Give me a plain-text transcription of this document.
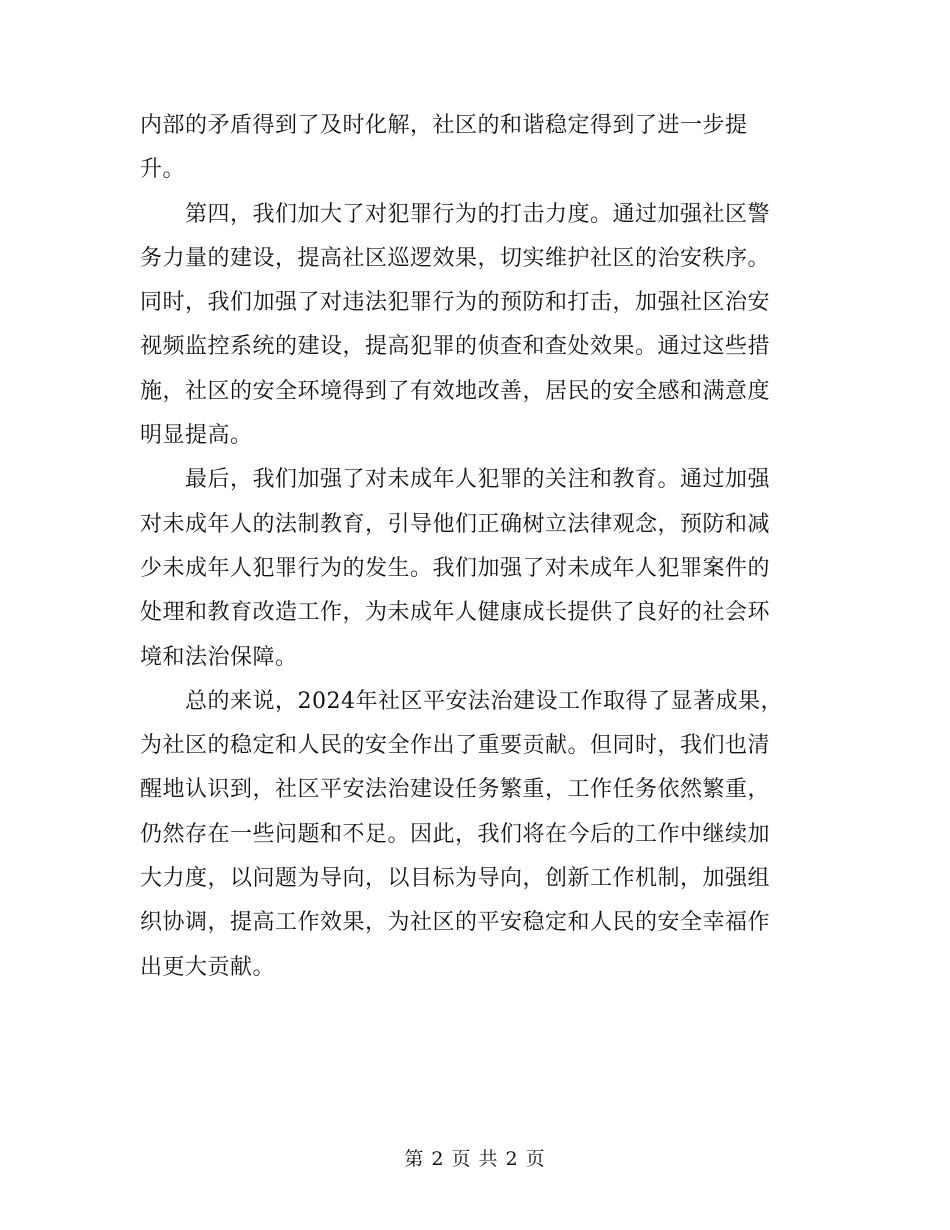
内部的矛盾得到了及时化解，社区的和谐稳定得到了进一步提
升。
　　第四，我们加大了对犯罪行为的打击力度。通过加强社区警
务力量的建设，提高社区巡逻效果，切实维护社区的治安秩序。
同时，我们加强了对违法犯罪行为的预防和打击，加强社区治安
视频监控系统的建设，提高犯罪的侦查和查处效果。通过这些措
施，社区的安全环境得到了有效地改善，居民的安全感和满意度
明显提高。
　　最后，我们加强了对未成年人犯罪的关注和教育。通过加强
对未成年人的法制教育，引导他们正确树立法律观念，预防和减
少未成年人犯罪行为的发生。我们加强了对未成年人犯罪案件的
处理和教育改造工作，为未成年人健康成长提供了良好的社会环
境和法治保障。
　　总的来说，2024年社区平安法治建设工作取得了显著成果，
为社区的稳定和人民的安全作出了重要贡献。但同时，我们也清
醒地认识到，社区平安法治建设任务繁重，工作任务依然繁重，
仍然存在一些问题和不足。因此，我们将在今后的工作中继续加
大力度，以问题为导向，以目标为导向，创新工作机制，加强组
织协调，提高工作效果，为社区的平安稳定和人民的安全幸福作
出更大贡献。
第 2 页 共 2 页
